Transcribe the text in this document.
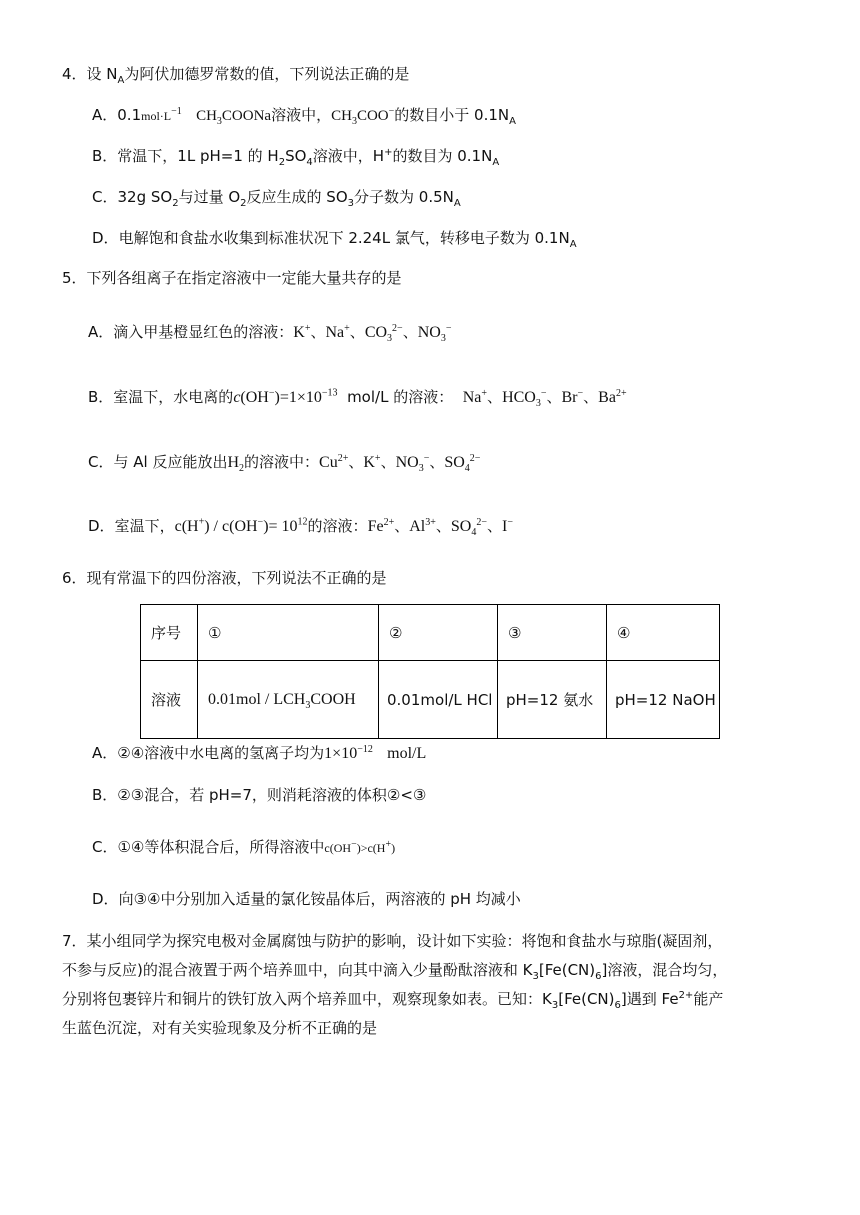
4．设 $N_A$为阿伏加德罗常数的值，下列说法正确的是
A．$0.1mol\cdot L^{-1}$ $CH_3COONa$溶液中，$CH_3COO^-$的数目小于 $0.1N_A$
B．常温下，1L pH=1 的 $H_2SO_4$溶液中，H+的数目为 $0.1N_A$
C．32g $SO_2$与过量 $O_2$反应生成的 $SO_3$分子数为 $0.5N_A$
D．电解饱和食盐水收集到标准状况下 2.24L 氯气，转移电子数为 $0.1N_A$
5．下列各组离子在指定溶液中一定能大量共存的是
A．滴入甲基橙显红色的溶液：K+、Na+、$CO_3^{2-}$、$NO_3^-$
B．室温下，水电离的$c(OH^-)=1\times 10^{-13}$ mol/L 的溶液： Na+、$HCO_3^-$、Br−、$Ba^{2+}$
C．与 Al 反应能放出$H_2$的溶液中：$Cu^{2+}$、K+、$NO_3^-$、$SO_4^{2-}$
D．室温下，$c(H^+) / c(OH^-)= 10^{12}$的溶液：$Fe^{2+}$、$Al^{3+}$、$SO_4^{2-}$、I−
6．现有常温下的四份溶液，下列说法不正确的是
序号	①	②	③	④
溶液	$0.01mol / LCH_3COOH$	0.01mol/L HCl	pH=12 氨水	pH=12 NaOH
A．②④溶液中水电离的氢离子均为$1\times 10^{-12}$ mol/L
B．②③混合，若 pH=7，则消耗溶液的体积②<③
C．①④等体积混合后，所得溶液中c(OH−)>c(H+)
D．向③④中分别加入适量的氯化铵晶体后，两溶液的 pH 均减小
7．某小组同学为探究电极对金属腐蚀与防护的影响，设计如下实验：将饱和食盐水与琼脂(凝固剂，
不参与反应)的混合液置于两个培养皿中，向其中滴入少量酚酞溶液和 $K_3[Fe(CN)_6]$溶液，混合均匀，
分别将包裹锌片和铜片的铁钉放入两个培养皿中，观察现象如表。已知：$K_3[Fe(CN)_6]$遇到 $Fe^{2+}$能产
生蓝色沉淀，对有关实验现象及分析不正确的是
